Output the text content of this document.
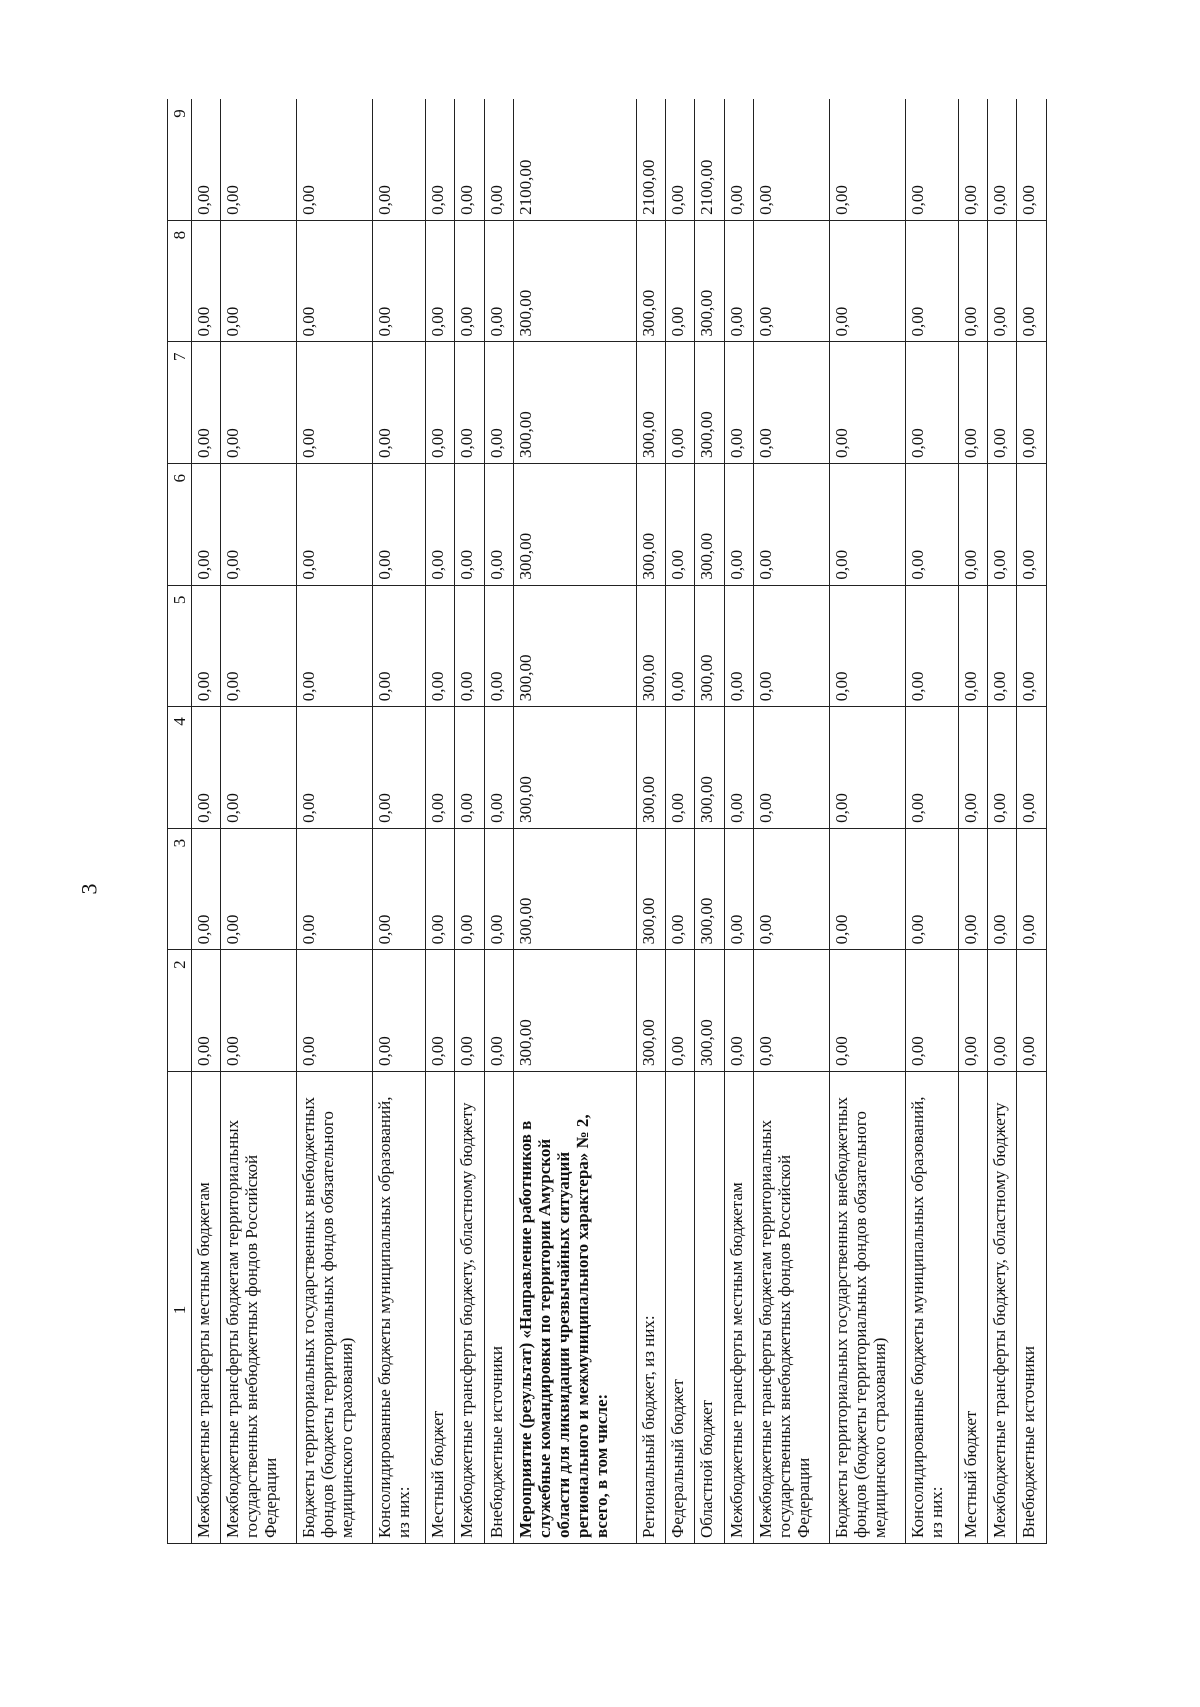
3
1	2	3	4	5	6	7	8	9
Межбюджетные трансферты местным бюджетам	0,00	0,00	0,00	0,00	0,00	0,00	0,00	0,00
Межбюджетные трансферты бюджетам территориальных государственных внебюджетных фондов Российской Федерации	0,00	0,00	0,00	0,00	0,00	0,00	0,00	0,00
Бюджеты территориальных государственных внебюджетных фондов (бюджеты территориальных фондов обязательного медицинского страхования)	0,00	0,00	0,00	0,00	0,00	0,00	0,00	0,00
Консолидированные бюджеты муниципальных образований, из них:	0,00	0,00	0,00	0,00	0,00	0,00	0,00	0,00
Местный бюджет	0,00	0,00	0,00	0,00	0,00	0,00	0,00	0,00
Межбюджетные трансферты бюджету, областному бюджету	0,00	0,00	0,00	0,00	0,00	0,00	0,00	0,00
Внебюджетные источники	0,00	0,00	0,00	0,00	0,00	0,00	0,00	0,00
Мероприятие (результат) «Направление работников в служебные командировки по территории Амурской области для ликвидации чрезвычайных ситуаций регионального и межмуниципального характера» № 2, всего, в том числе:	300,00	300,00	300,00	300,00	300,00	300,00	300,00	2100,00
Региональный бюджет, из них:	300,00	300,00	300,00	300,00	300,00	300,00	300,00	2100,00
Федеральный бюджет	0,00	0,00	0,00	0,00	0,00	0,00	0,00	0,00
Областной бюджет	300,00	300,00	300,00	300,00	300,00	300,00	300,00	2100,00
Межбюджетные трансферты местным бюджетам	0,00	0,00	0,00	0,00	0,00	0,00	0,00	0,00
Межбюджетные трансферты бюджетам территориальных государственных внебюджетных фондов Российской Федерации	0,00	0,00	0,00	0,00	0,00	0,00	0,00	0,00
Бюджеты территориальных государственных внебюджетных фондов (бюджеты территориальных фондов обязательного медицинского страхования)	0,00	0,00	0,00	0,00	0,00	0,00	0,00	0,00
Консолидированные бюджеты муниципальных образований, из них:	0,00	0,00	0,00	0,00	0,00	0,00	0,00	0,00
Местный бюджет	0,00	0,00	0,00	0,00	0,00	0,00	0,00	0,00
Межбюджетные трансферты бюджету, областному бюджету	0,00	0,00	0,00	0,00	0,00	0,00	0,00	0,00
Внебюджетные источники	0,00	0,00	0,00	0,00	0,00	0,00	0,00	0,00
